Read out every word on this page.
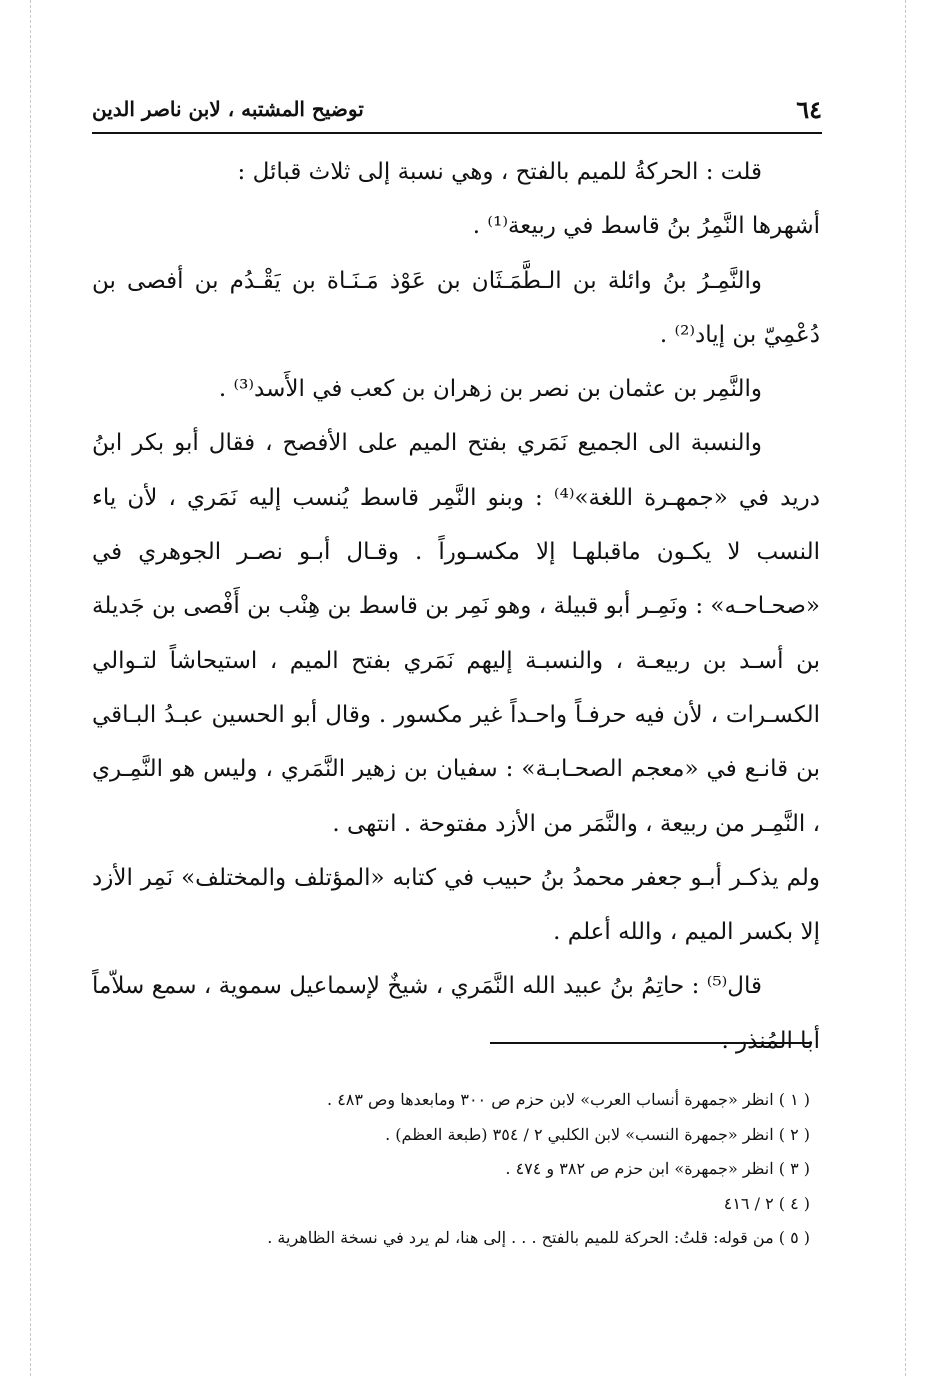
٦٤
توضيح المشتبه ، لابن ناصر الدين

قلت : الحركةُ للميم بالفتح ، وهي نسبة إلى ثلاث قبائل :

أشهرها النَّمِرُ بنُ قاسط في ربيعة⁽¹⁾ .

والنَّمِـرُ بنُ وائلة بن الـطَّمَـثَان بن عَوْذ مَـنَـاة بن يَقْـدُم بن أفصى بن دُعْمِيّ بن إياد⁽²⁾ .

والنَّمِر بن عثمان بن نصر بن زهران بن كعب في الأَسد⁽³⁾ .

والنسبة الى الجميع نَمَري بفتح الميم على الأفصح ، فقال أبو بكر ابنُ دريد في «جمهـرة اللغة»⁽⁴⁾ : وبنو النَّمِر قاسط يُنسب إليه نَمَري ، لأن ياء النسب لا يكـون ماقبلهـا إلا مكسـوراً . وقـال أبـو نصـر الجوهري في «صحـاحـه» : ونَمِـر أبو قبيلة ، وهو نَمِر بن قاسط بن هِنْب بن أَفْصى بن جَديلة بن أسـد بن ربيعـة ، والنسبـة إليهم نَمَري بفتح الميم ، استيحاشاً لتـوالي الكسـرات ، لأن فيه حرفـاً واحـداً غير مكسور . وقال أبو الحسين عبـدُ البـاقي بن قانـع في «معجم الصحـابـة» : سفيان بن زهير النَّمَري ، وليس هو النَّمِـري ، النَّمِـر من ربيعة ، والنَّمَر من الأزد مفتوحة . انتهى .

ولم يذكـر أبـو جعفر محمدُ بنُ حبيب في كتابه «المؤتلف والمختلف» نَمِر الأزد إلا بكسر الميم ، والله أعلم .

قال⁽⁵⁾ : حاتِمُ بنُ عبيد الله النَّمَري ، شيخٌ لإسماعيل سموية ، سمع سلاّماً أبا المُنذر .

( ١ ) انظر «جمهرة أنساب العرب» لابن حزم ص ٣٠٠ ومابعدها وص ٤٨٣ .

( ٢ ) انظر «جمهرة النسب» لابن الكلبي ٢ / ٣٥٤ (طبعة العظم) .

( ٣ ) انظر «جمهرة» ابن حزم ص ٣٨٢ و ٤٧٤ .

( ٤ ) ٢ / ٤١٦

( ٥ ) من قوله: قلتُ: الحركة للميم بالفتح . . . إلى هنا، لم يرد في نسخة الظاهرية .
